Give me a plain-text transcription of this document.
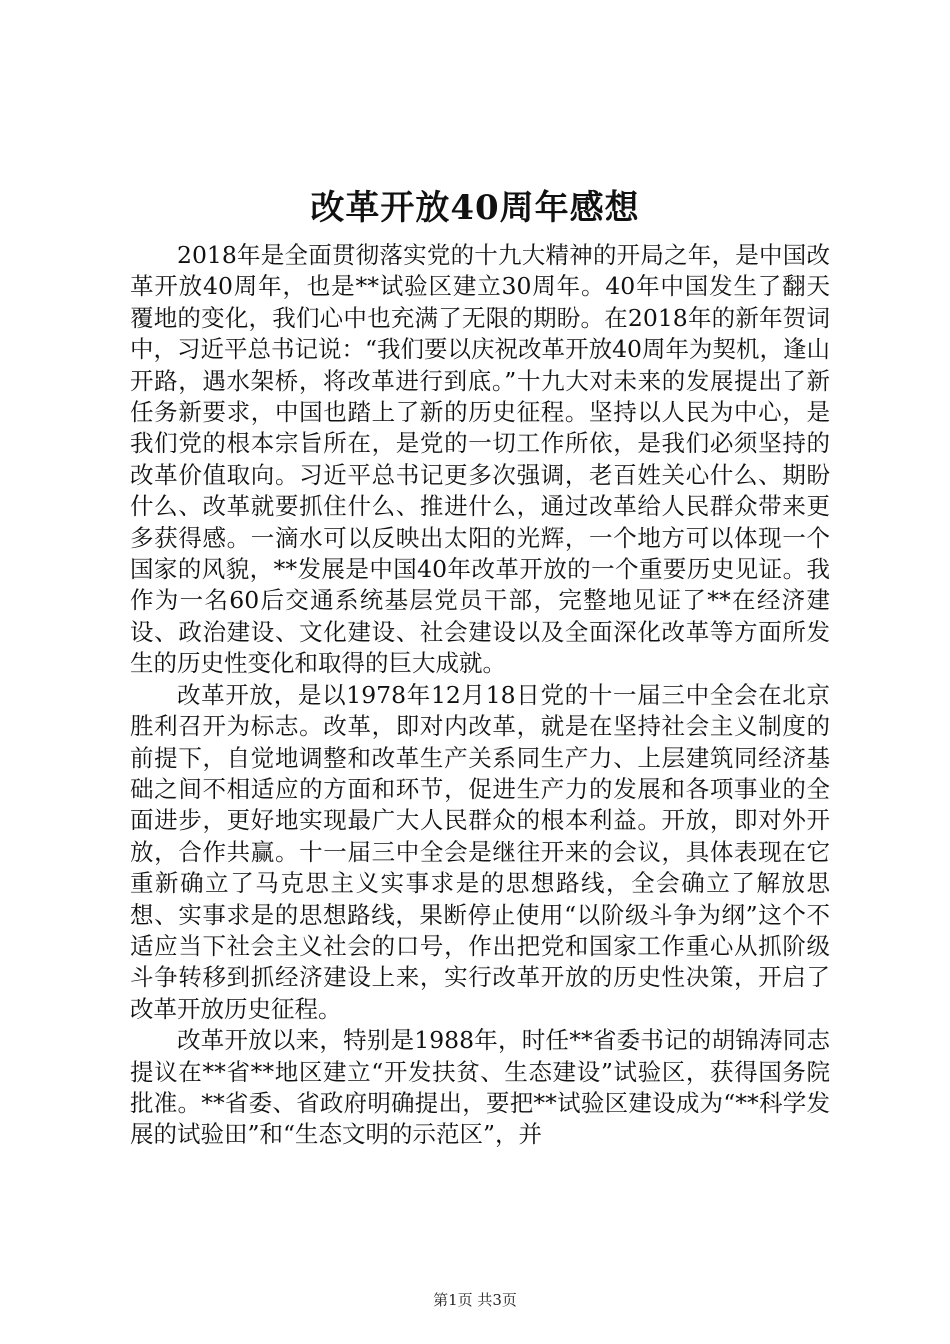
改革开放40周年感想

2018年是全面贯彻落实党的十九大精神的开局之年，是中国改革开放40周年，也是**试验区建立30周年。40年中国发生了翻天覆地的变化，我们心中也充满了无限的期盼。在2018年的新年贺词中，习近平总书记说：“我们要以庆祝改革开放40周年为契机，逢山开路，遇水架桥，将改革进行到底。”十九大对未来的发展提出了新任务新要求，中国也踏上了新的历史征程。坚持以人民为中心，是我们党的根本宗旨所在，是党的一切工作所依，是我们必须坚持的改革价值取向。习近平总书记更多次强调，老百姓关心什么、期盼什么、改革就要抓住什么、推进什么，通过改革给人民群众带来更多获得感。一滴水可以反映出太阳的光辉，一个地方可以体现一个国家的风貌，**发展是中国40年改革开放的一个重要历史见证。我作为一名60后交通系统基层党员干部，完整地见证了**在经济建设、政治建设、文化建设、社会建设以及全面深化改革等方面所发生的历史性变化和取得的巨大成就。

改革开放，是以1978年12月18日党的十一届三中全会在北京胜利召开为标志。改革，即对内改革，就是在坚持社会主义制度的前提下，自觉地调整和改革生产关系同生产力、上层建筑同经济基础之间不相适应的方面和环节，促进生产力的发展和各项事业的全面进步，更好地实现最广大人民群众的根本利益。开放，即对外开放，合作共赢。十一届三中全会是继往开来的会议，具体表现在它重新确立了马克思主义实事求是的思想路线，全会确立了解放思想、实事求是的思想路线，果断停止使用“以阶级斗争为纲”这个不适应当下社会主义社会的口号，作出把党和国家工作重心从抓阶级斗争转移到抓经济建设上来，实行改革开放的历史性决策，开启了改革开放历史征程。

改革开放以来，特别是1988年，时任**省委书记的胡锦涛同志提议在**省**地区建立“开发扶贫、生态建设”试验区，获得国务院批准。**省委、省政府明确提出，要把**试验区建设成为“**科学发展的试验田”和“生态文明的示范区”，并

第1页 共3页
